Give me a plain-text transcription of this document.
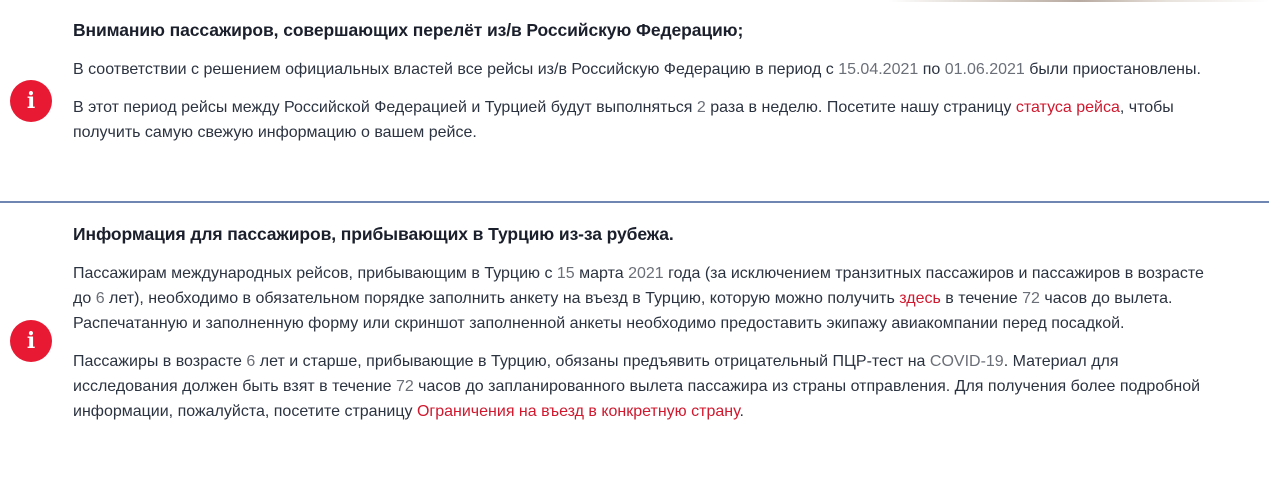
i
Вниманию пассажиров, совершающих перелёт из/в Российскую Федерацию;

В соответствии с решением официальных властей все рейсы из/в Российскую Федерацию в период с 15.04.2021 по 01.06.2021 были приостановлены.

В этот период рейсы между Российской Федерацией и Турцией будут выполняться 2 раза в неделю. Посетите нашу страницу статуса рейса, чтобы получить самую свежую информацию о вашем рейсе.

i
Информация для пассажиров, прибывающих в Турцию из-за рубежа.

Пассажирам международных рейсов, прибывающим в Турцию с 15 марта 2021 года (за исключением транзитных пассажиров и пассажиров в возрасте до 6 лет), необходимо в обязательном порядке заполнить анкету на въезд в Турцию, которую можно получить здесь в течение 72 часов до вылета. Распечатанную и заполненную форму или скриншот заполненной анкеты необходимо предоставить экипажу авиакомпании перед посадкой.

Пассажиры в возрасте 6 лет и старше, прибывающие в Турцию, обязаны предъявить отрицательный ПЦР-тест на COVID-19. Материал для исследования должен быть взят в течение 72 часов до запланированного вылета пассажира из страны отправления. Для получения более подробной информации, пожалуйста, посетите страницу Ограничения на въезд в конкретную страну.
